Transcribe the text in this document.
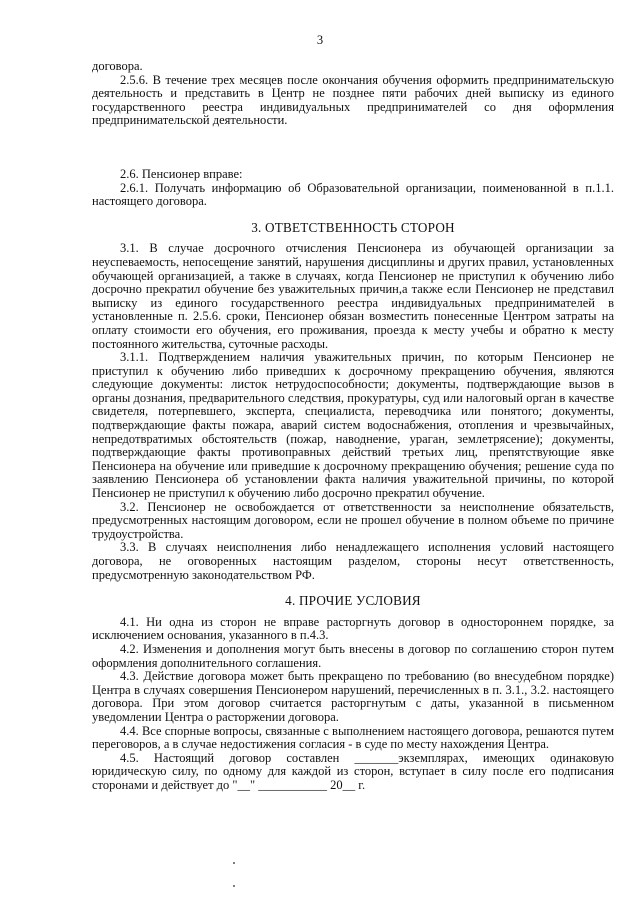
3

договора.

2.5.6. В течение трех месяцев после окончания обучения оформить предпринимательскую деятельность и представить в Центр не позднее пяти рабочих дней выписку из единого государственного реестра индивидуальных предпринимателей со дня оформления предпринимательской деятельности.

2.6. Пенсионер вправе:

2.6.1. Получать информацию об Образовательной организации, поименованной в п.1.1. настоящего договора.

3. ОТВЕТСТВЕННОСТЬ СТОРОН

3.1. В случае досрочного отчисления Пенсионера из обучающей организации за неуспеваемость, непосещение занятий, нарушения дисциплины и других правил, установленных обучающей организацией, а также в случаях, когда Пенсионер не приступил к обучению либо досрочно прекратил обучение без уважительных причин,а также если Пенсионер не представил выписку из единого государственного реестра индивидуальных предпринимателей в установленные п. 2.5.6. сроки, Пенсионер обязан возместить понесенные Центром затраты на оплату стоимости его обучения, его проживания, проезда к месту учебы и обратно к месту постоянного жительства, суточные расходы.

3.1.1. Подтверждением наличия уважительных причин, по которым Пенсионер не приступил к обучению либо приведших к досрочному прекращению обучения, являются следующие документы: листок нетрудоспособности; документы, подтверждающие вызов в органы дознания, предварительного следствия, прокуратуры, суд или налоговый орган в качестве свидетеля, потерпевшего, эксперта, специалиста, переводчика или понятого; документы, подтверждающие факты пожара, аварий систем водоснабжения, отопления и чрезвычайных, непредотвратимых обстоятельств (пожар, наводнение, ураган, землетрясение); документы, подтверждающие факты противоправных действий третьих лиц, препятствующие явке Пенсионера на обучение или приведшие к досрочному прекращению обучения; решение суда по заявлению Пенсионера об установлении факта наличия уважительной причины, по которой Пенсионер не приступил к обучению либо досрочно прекратил обучение.

3.2. Пенсионер не освобождается от ответственности за неисполнение обязательств, предусмотренных настоящим договором, если не прошел обучение в полном объеме по причине трудоустройства.

3.3. В случаях неисполнения либо ненадлежащего исполнения условий настоящего договора, не оговоренных настоящим разделом, стороны несут ответственность, предусмотренную законодательством РФ.

4. ПРОЧИЕ УСЛОВИЯ

4.1. Ни одна из сторон не вправе расторгнуть договор в одностороннем порядке, за исключением основания, указанного в п.4.3.

4.2. Изменения и дополнения могут быть внесены в договор по соглашению сторон путем оформления дополнительного соглашения.

4.3. Действие договора может быть прекращено по требованию (во внесудебном порядке) Центра в случаях совершения Пенсионером нарушений, перечисленных в п. 3.1., 3.2. настоящего договора. При этом договор считается расторгнутым с даты, указанной в письменном уведомлении Центра о расторжении договора.

4.4. Все спорные вопросы, связанные с выполнением настоящего договора, решаются путем переговоров, а в случае недостижения согласия - в суде по месту нахождения Центра.

4.5. Настоящий договор составлен _______экземплярах, имеющих одинаковую юридическую силу, по одному для каждой из сторон, вступает в силу после его подписания сторонами и действует до "__" ___________ 20__ г.
